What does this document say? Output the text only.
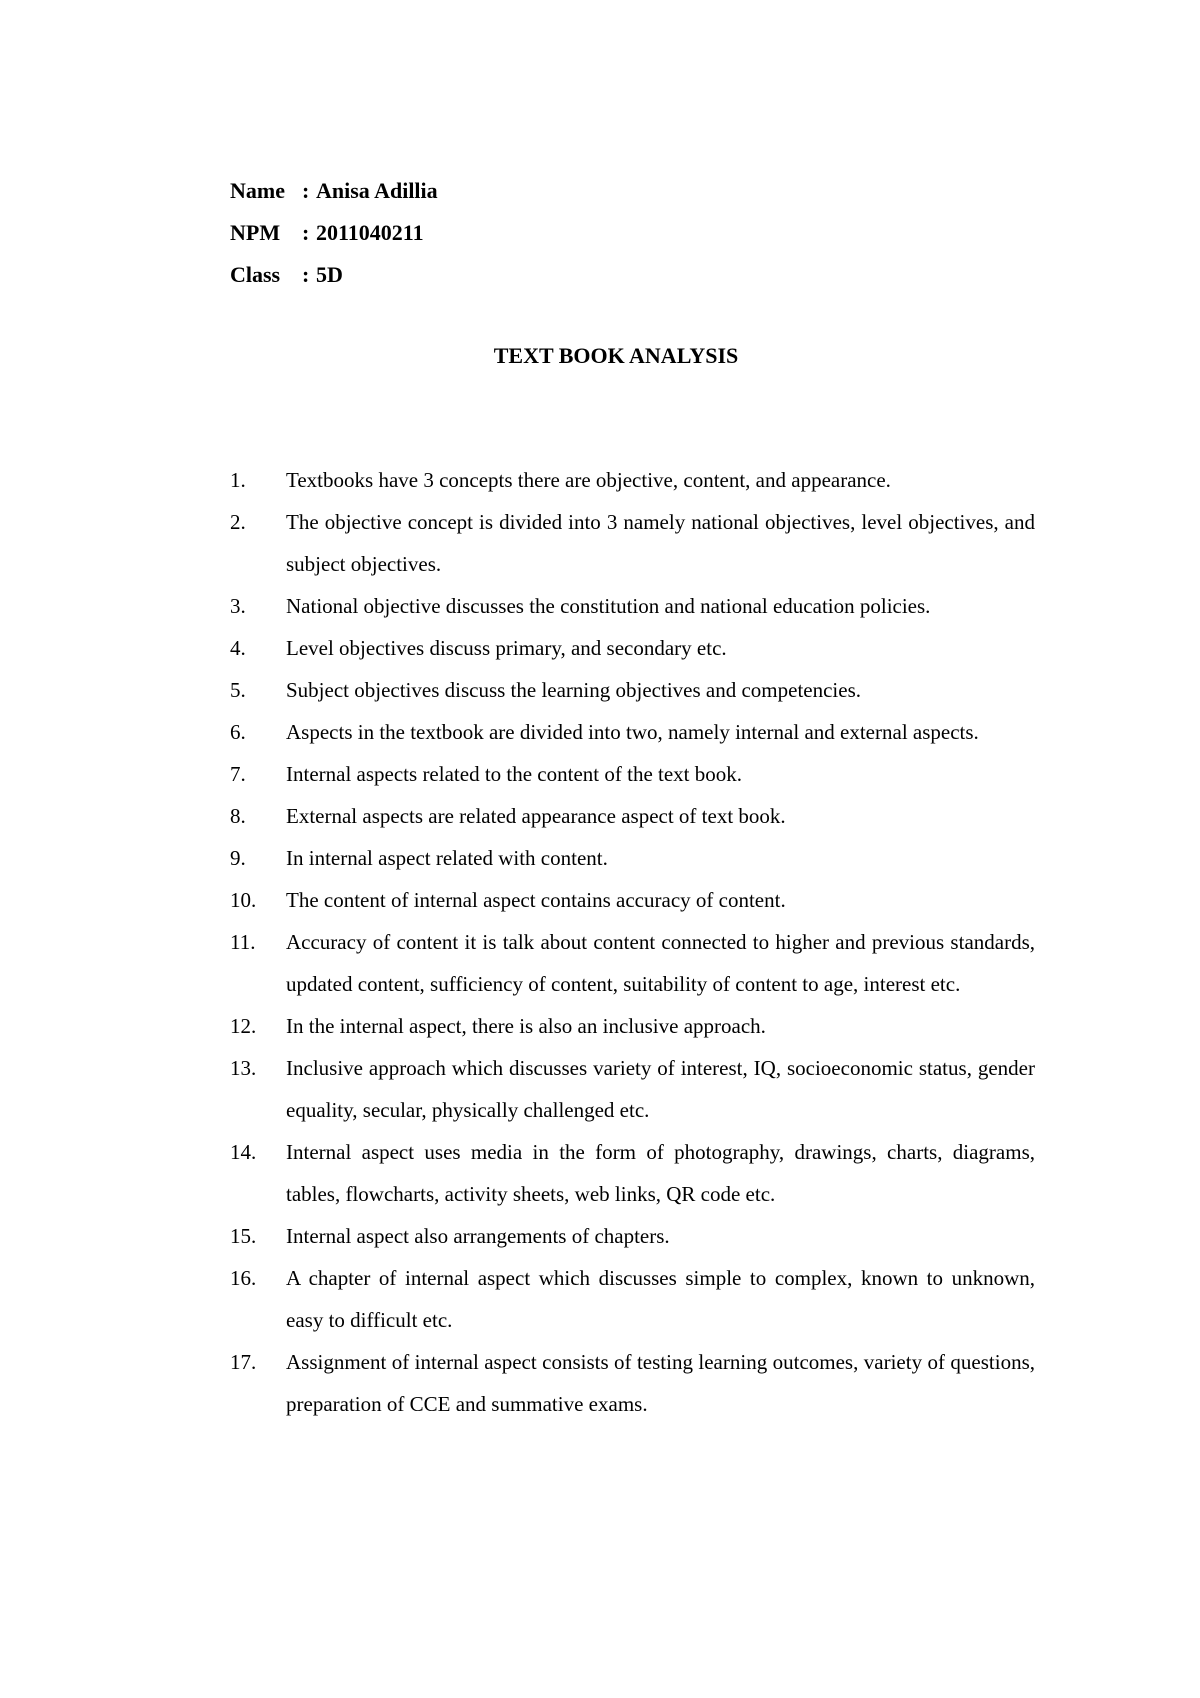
Name : Anisa Adillia
NPM : 2011040211
Class : 5D
TEXT BOOK ANALYSIS
1.	Textbooks have 3 concepts there are objective, content, and appearance.
2.	The objective concept is divided into 3 namely national objectives, level objectives, and subject objectives.
3.	National objective discusses the constitution and national education policies.
4.	Level objectives discuss primary, and secondary etc.
5.	Subject objectives discuss the learning objectives and competencies.
6.	Aspects in the textbook are divided into two, namely internal and external aspects.
7.	Internal aspects related to the content of the text book.
8.	External aspects are related appearance aspect of text book.
9.	In internal aspect related with content.
10.	The content of internal aspect contains accuracy of content.
11.	Accuracy of content it is talk about content connected to higher and previous standards, updated content, sufficiency of content, suitability of content to age, interest etc.
12.	In the internal aspect, there is also an inclusive approach.
13.	Inclusive approach which discusses variety of interest, IQ, socioeconomic status, gender equality, secular, physically challenged etc.
14.	Internal aspect uses media in the form of photography, drawings, charts, diagrams, tables, flowcharts, activity sheets, web links, QR code etc.
15.	Internal aspect also arrangements of chapters.
16.	A chapter of internal aspect which discusses simple to complex, known to unknown, easy to difficult etc.
17.	Assignment of internal aspect consists of testing learning outcomes, variety of questions, preparation of CCE and summative exams.
